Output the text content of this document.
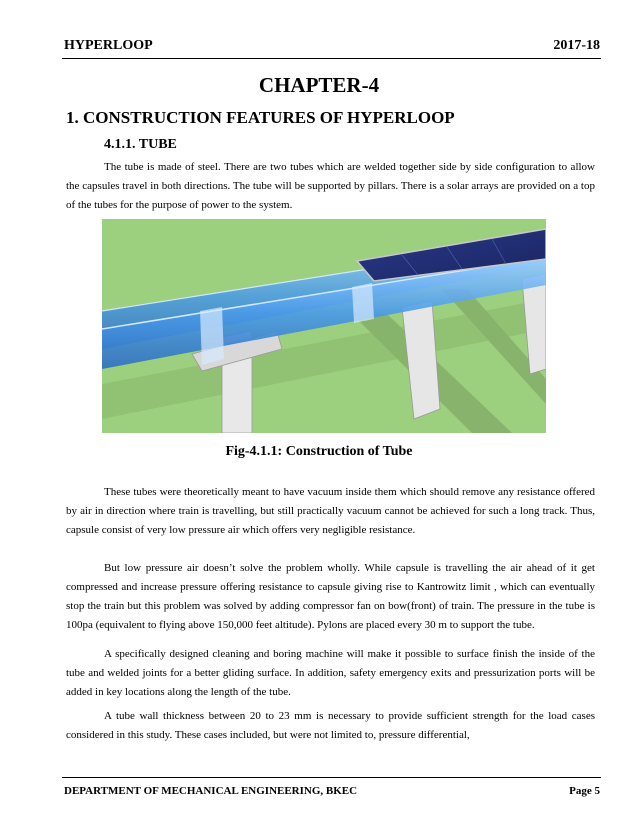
HYPERLOOP	2017-18
CHAPTER-4
1. CONSTRUCTION FEATURES OF HYPERLOOP
4.1.1. TUBE

The tube is made of steel. There are two tubes which are welded together side by side configuration to allow the capsules travel in both directions. The tube will be supported by pillars. There is a solar arrays are provided on a top of the tubes for the purpose of power to the system.

Fig-4.1.1: Construction of Tube

These tubes were theoretically meant to have vacuum inside them which should remove any resistance offered by air in direction where train is travelling, but still practically vacuum cannot be achieved for such a long track. Thus, capsule consist of very low pressure air which offers very negligible resistance.

But low pressure air doesn’t solve the problem wholly. While capsule is travelling the air ahead of it get compressed and increase pressure offering resistance to capsule giving rise to Kantrowitz limit , which can eventually stop the train but this problem was solved by adding compressor fan on bow(front) of train. The pressure in the tube is 100pa (equivalent to flying above 150,000 feet altitude). Pylons are placed every 30 m to support the tube.

A specifically designed cleaning and boring machine will make it possible to surface finish the inside of the tube and welded joints for a better gliding surface. In addition, safety emergency exits and pressurization ports will be added in key locations along the length of the tube.

A tube wall thickness between 20 to 23 mm is necessary to provide sufficient strength for the load cases considered in this study. These cases included, but were not limited to, pressure differential,

DEPARTMENT OF MECHANICAL ENGINEERING, BKEC	Page 5
